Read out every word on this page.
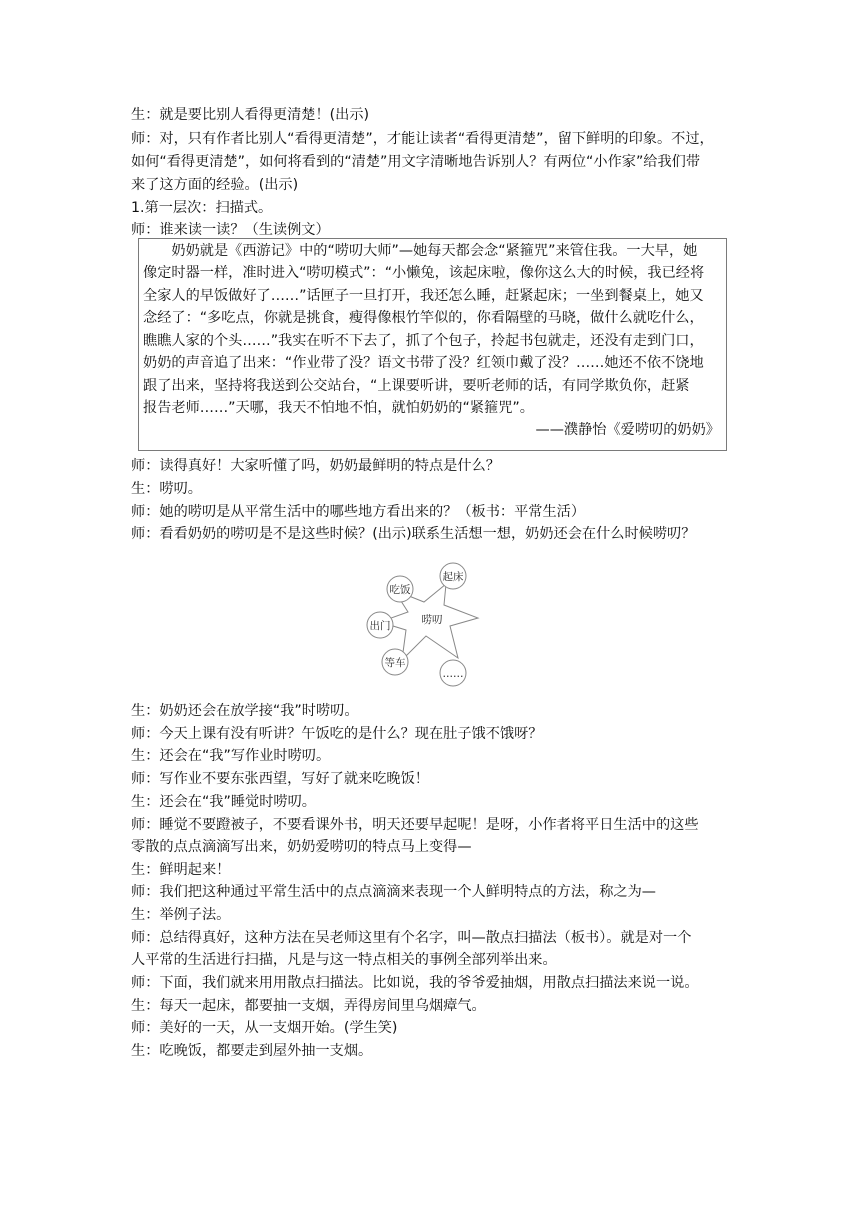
生：就是要比别人看得更清楚！(出示)
师：对，只有作者比别人“看得更清楚”，才能让读者“看得更清楚”，留下鲜明的印象。不过，
如何“看得更清楚”，如何将看到的“清楚”用文字清晰地告诉别人？有两位“小作家”给我们带
来了这方面的经验。(出示)
1.第一层次：扫描式。
师：谁来读一读？（生读例文）
　　奶奶就是《西游记》中的“唠叨大师”—她每天都会念“紧箍咒”来管住我。一大早，她
像定时器一样，准时进入“唠叨模式”：“小懒兔，该起床啦，像你这么大的时候，我已经将
全家人的早饭做好了……”话匣子一旦打开，我还怎么睡，赶紧起床；一坐到餐桌上，她又
念经了：“多吃点，你就是挑食，瘦得像根竹竿似的，你看隔壁的马晓，做什么就吃什么，
瞧瞧人家的个头……”我实在听不下去了，抓了个包子，拎起书包就走，还没有走到门口，
奶奶的声音追了出来：“作业带了没？语文书带了没？红领巾戴了没？……她还不依不饶地
跟了出来，坚持将我送到公交站台，“上课要听讲，要听老师的话，有同学欺负你，赶紧
报告老师……”天哪，我天不怕地不怕，就怕奶奶的“紧箍咒”。
——濮静怡《爱唠叨的奶奶》
师：读得真好！大家听懂了吗，奶奶最鲜明的特点是什么？
生：唠叨。
师：她的唠叨是从平常生活中的哪些地方看出来的？（板书：平常生活）
师：看看奶奶的唠叨是不是这些时候？(出示)联系生活想一想，奶奶还会在什么时候唠叨？
唠叨
吃饭
起床
出门
等车
……
生：奶奶还会在放学接“我”时唠叨。
师：今天上课有没有听讲？午饭吃的是什么？现在肚子饿不饿呀？
生：还会在“我”写作业时唠叨。
师：写作业不要东张西望，写好了就来吃晚饭！
生：还会在“我”睡觉时唠叨。
师：睡觉不要蹬被子，不要看课外书，明天还要早起呢！是呀，小作者将平日生活中的这些
零散的点点滴滴写出来，奶奶爱唠叨的特点马上变得—
生：鲜明起来！
师：我们把这种通过平常生活中的点点滴滴来表现一个人鲜明特点的方法，称之为—
生：举例子法。
师：总结得真好，这种方法在吴老师这里有个名字，叫—散点扫描法（板书）。就是对一个
人平常的生活进行扫描，凡是与这一特点相关的事例全部列举出来。
师：下面，我们就来用用散点扫描法。比如说，我的爷爷爱抽烟，用散点扫描法来说一说。
生：每天一起床，都要抽一支烟，弄得房间里乌烟瘴气。
师：美好的一天，从一支烟开始。(学生笑)
生：吃晚饭，都要走到屋外抽一支烟。
